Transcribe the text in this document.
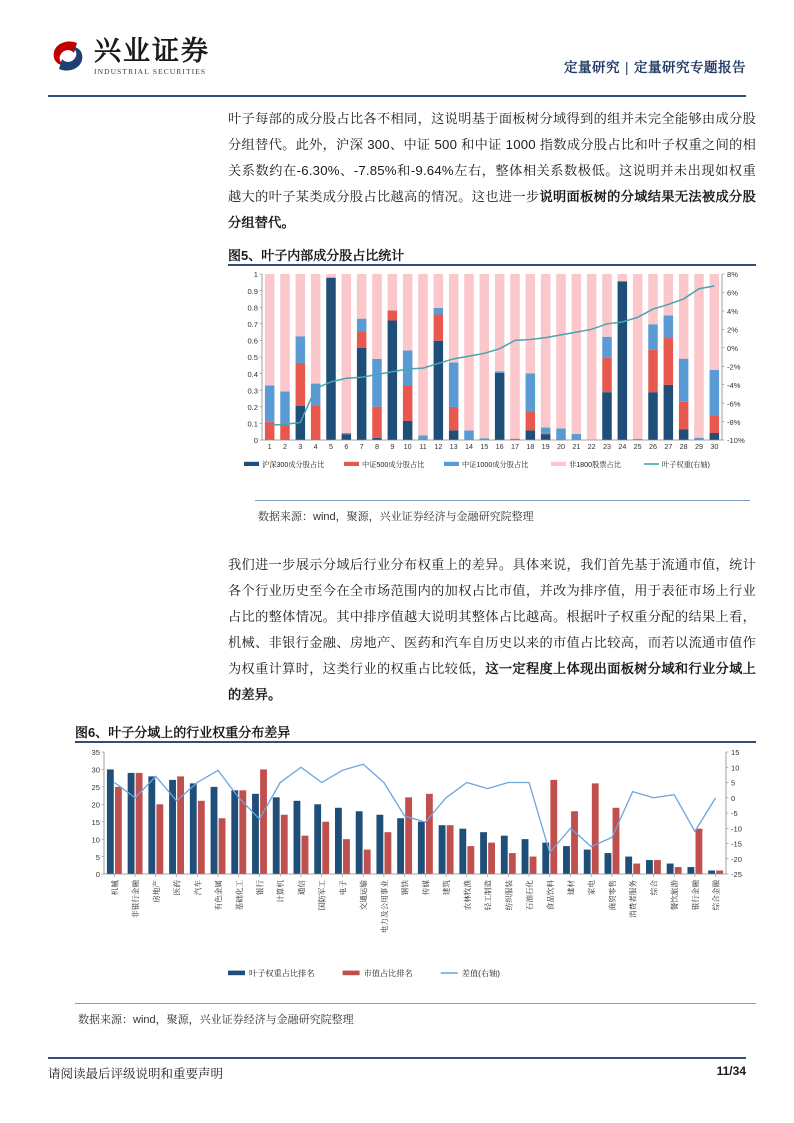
兴业证券
INDUSTRIAL SECURITIES	定量研究 | 定量研究专题报告
叶子每部的成分股占比各不相同，这说明基于面板树分域得到的组并未完全能够由成分股分组替代。此外，沪深 300、中证 500 和中证 1000 指数成分股占比和叶子权重之间的相关系数约在-6.30%、-7.85%和-9.64%左右，整体相关系数极低。这说明并未出现如权重越大的叶子某类成分股占比越高的情况。这也进一步说明面板树的分域结果无法被成分股分组替代。
图5、叶子内部成分股占比统计
0
0.1
0.2
0.3
0.4
0.5
0.6
0.7
0.8
0.9
1
-10%
-8%
-6%
-4%
-2%
0%
2%
4%
6%
8%
1 2 3 4 5 6 7 8 9 10 11 12 13 14 15 16 17 18 19 20 21 22 23 24 25 26 27 28 29 30
沪深300成分股占比	中证500成分股占比	中证1000成分股占比	非1800股票占比	叶子权重(右轴)
数据来源：wind，聚源，兴业证券经济与金融研究院整理
我们进一步展示分域后行业分布权重上的差异。具体来说，我们首先基于流通市值，统计各个行业历史至今在全市场范围内的加权占比市值，并改为排序值，用于表征市场上行业占比的整体情况。其中排序值越大说明其整体占比越高。根据叶子权重分配的结果上看，机械、非银行金融、房地产、医药和汽车自历史以来的市值占比较高，而若以流通市值作为权重计算时，这类行业的权重占比较低，这一定程度上体现出面板树分域和行业分域上的差异。
图6、叶子分域上的行业权重分布差异
0
5
10
15
20
25
30
35
-25
-20
-15
-10
-5
0
5
10
15
机械 非银行金融 房地产 医药 汽车 有色金属 基础化工 银行 计算机 通信 国防军工 电子 交通运输 电力及公用事业 钢铁 传媒 建筑 农林牧渔 轻工制造 纺织服装 石油石化 食品饮料 建材 家电 商贸零售 消费者服务 综合 餐饮旅游 银行金融 综合金融
叶子权重占比排名	市值占比排名	差值(右轴)
数据来源：wind，聚源，兴业证券经济与金融研究院整理
请阅读最后评级说明和重要声明	11/34
